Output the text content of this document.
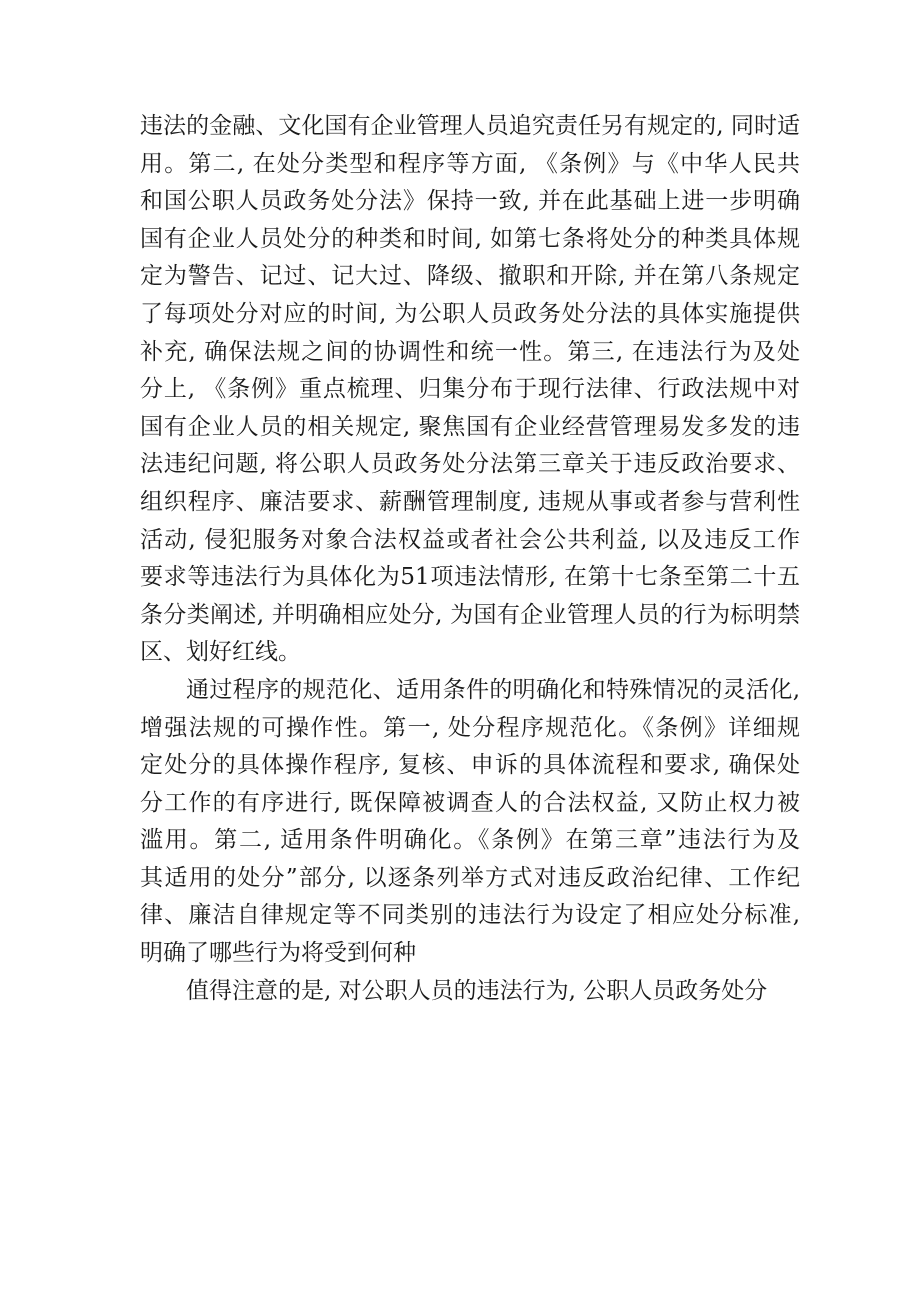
违法的金融、文化国有企业管理人员追究责任另有规定的, 同时适
用。第二, 在处分类型和程序等方面, 《条例》与《中华人民共
和国公职人员政务处分法》保持一致, 并在此基础上进一步明确
国有企业人员处分的种类和时间, 如第七条将处分的种类具体规
定为警告、记过、记大过、降级、撤职和开除, 并在第八条规定
了每项处分对应的时间, 为公职人员政务处分法的具体实施提供
补充, 确保法规之间的协调性和统一性。第三, 在违法行为及处
分上, 《条例》重点梳理、归集分布于现行法律、行政法规中对
国有企业人员的相关规定, 聚焦国有企业经营管理易发多发的违
法违纪问题, 将公职人员政务处分法第三章关于违反政治要求、
组织程序、廉洁要求、薪酬管理制度, 违规从事或者参与营利性
活动, 侵犯服务对象合法权益或者社会公共利益, 以及违反工作
要求等违法行为具体化为51项违法情形, 在第十七条至第二十五
条分类阐述, 并明确相应处分, 为国有企业管理人员的行为标明禁
区、划好红线。
通过程序的规范化、适用条件的明确化和特殊情况的灵活化,
增强法规的可操作性。第一, 处分程序规范化。《条例》详细规
定处分的具体操作程序, 复核、申诉的具体流程和要求, 确保处
分工作的有序进行, 既保障被调查人的合法权益, 又防止权力被
滥用。第二, 适用条件明确化。《条例》在第三章”违法行为及
其适用的处分”部分, 以逐条列举方式对违反政治纪律、工作纪
律、廉洁自律规定等不同类别的违法行为设定了相应处分标准,
明确了哪些行为将受到何种
值得注意的是, 对公职人员的违法行为, 公职人员政务处分
